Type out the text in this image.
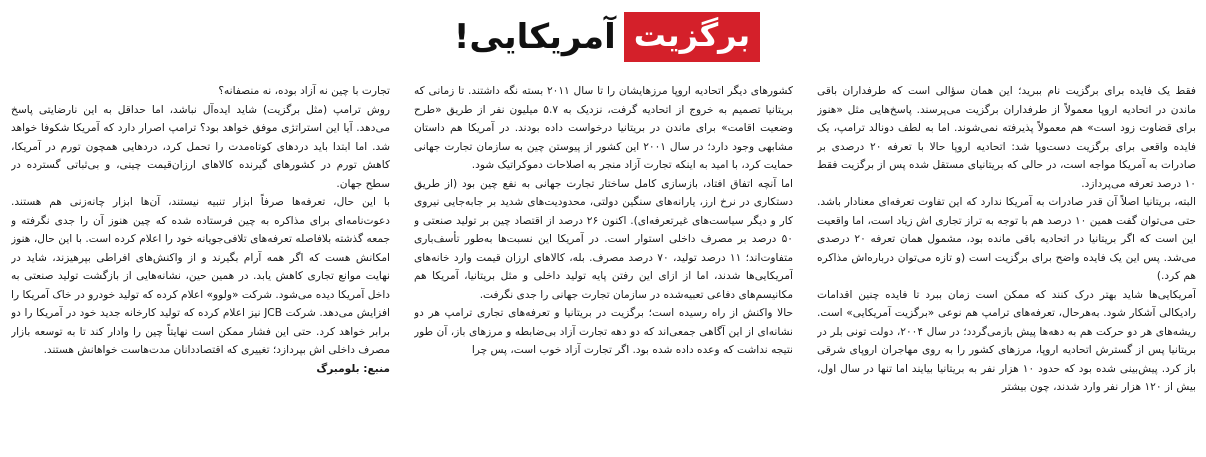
برگزیت
آمریکایی!

فقط یک فایده برای برگزیت نام ببرید؛ این همان سؤالی است که طرفداران باقی ماندن در اتحادیه اروپا معمولاً از طرفداران برگزیت می‌پرسند. پاسخ‌هایی مثل «هنوز برای قضاوت زود است» هم معمولاً پذیرفته نمی‌شوند. اما به لطف دونالد ترامپ، یک فایده واقعی برای برگزیت دست‌وپا شد: اتحادیه اروپا حالا با تعرفه ۲۰ درصدی بر صادرات به آمریکا مواجه است، در حالی که بریتانیای مستقل شده پس از برگزیت فقط ۱۰ درصد تعرفه می‌پردازد.

البته، بریتانیا اصلاً آن قدر صادرات به آمریکا ندارد که این تفاوت تعرفه‌ای معنادار باشد. حتی می‌توان گفت همین ۱۰ درصد هم با توجه به تراز تجاری اش زیاد است، اما واقعیت این است که اگر بریتانیا در اتحادیه باقی مانده بود، مشمول همان تعرفه ۲۰ درصدی می‌شد. پس این یک فایده واضح برای برگزیت است (و تازه می‌توان درباره‌اش مذاکره هم کرد.)

آمریکایی‌ها شاید بهتر درک کنند که ممکن است زمان ببرد تا فایده چنین اقدامات رادیکالی آشکار شود. به‌هرحال، تعرفه‌های ترامپ هم نوعی «برگزیت آمریکایی» است. ریشه‌های هر دو حرکت هم به دهه‌ها پیش بازمی‌گردد؛ در سال ۲۰۰۴، دولت تونی بلر در بریتانیا پس از گسترش اتحادیه اروپا، مرزهای کشور را به روی مهاجران اروپای شرقی باز کرد. پیش‌بینی شده بود که حدود ۱۰ هزار نفر به بریتانیا بیایند اما تنها در سال اول، بیش از ۱۲۰ هزار نفر وارد شدند، چون بیشتر

کشورهای دیگر اتحادیه اروپا مرزهایشان را تا سال ۲۰۱۱ بسته نگه داشتند. تا زمانی که بریتانیا تصمیم به خروج از اتحادیه گرفت، نزدیک به ۵.۷ میلیون نفر از طریق «طرح وضعیت اقامت» برای ماندن در بریتانیا درخواست داده بودند. در آمریکا هم داستان مشابهی وجود دارد؛ در سال ۲۰۰۱ این کشور از پیوستن چین به سازمان تجارت جهانی حمایت کرد، با امید به اینکه تجارت آزاد منجر به اصلاحات دموکراتیک شود.

اما آنچه اتفاق افتاد، بازسازی کامل ساختار تجارت جهانی به نفع چین بود (از طریق دستکاری در نرخ ارز، یارانه‌های سنگین دولتی، محدودیت‌های شدید بر جابه‌جایی نیروی کار و دیگر سیاست‌های غیرتعرفه‌ای). اکنون ۲۶ درصد از اقتصاد چین بر تولید صنعتی و ۵۰ درصد بر مصرف داخلی استوار است. در آمریکا این نسبت‌ها به‌طور تأسف‌باری متفاوت‌اند؛ ۱۱ درصد تولید، ۷۰ درصد مصرف. بله، کالاهای ارزان قیمت وارد خانه‌های آمریکایی‌ها شدند، اما از ازای این رفتن پایه تولید داخلی و مثل بریتانیا، آمریکا هم مکانیسم‌های دفاعی تعبیه‌شده در سازمان تجارت جهانی را جدی نگرفت.

حالا واکنش از راه رسیده است؛ برگزیت در بریتانیا و تعرفه‌های تجاری ترامپ هر دو نشانه‌ای از این آگاهی جمعی‌اند که دو دهه تجارت آزاد بی‌ضابطه و مرزهای باز، آن طور نتیجه نداشت که وعده داده شده بود. اگر تجارت آزاد خوب است، پس چرا

تجارت با چین نه آزاد بوده، نه منصفانه؟

روش ترامپ (مثل برگزیت) شاید ایده‌آل نباشد، اما حداقل به این نارضایتی پاسخ می‌دهد. آیا این استراتژی موفق خواهد بود؟ ترامپ اصرار دارد که آمریکا شکوفا خواهد شد. اما ابتدا باید دردهای کوتاه‌مدت را تحمل کرد، دردهایی همچون تورم در آمریکا، کاهش تورم در کشورهای گیرنده کالاهای ارزان‌قیمت چینی، و بی‌ثباتی گسترده در سطح جهان.

با این حال، تعرفه‌ها صرفاً ابزار تنبیه نیستند، آن‌ها ابزار چانه‌زنی هم هستند. دعوت‌نامه‌ای برای مذاکره به چین فرستاده شده که چین هنوز آن را جدی نگرفته و جمعه گذشته بلافاصله تعرفه‌های تلافی‌جویانه خود را اعلام کرده است. با این حال، هنوز امکانش هست که اگر همه آرام بگیرند و از واکنش‌های افراطی بپرهیزند، شاید در نهایت موانع تجاری کاهش یابد. در همین حین، نشانه‌هایی از بازگشت تولید صنعتی به داخل آمریکا دیده می‌شود. شرکت «ولوو» اعلام کرده که تولید خودرو در خاک آمریکا را افزایش می‌دهد. شرکت JCB نیز اعلام کرده که تولید کارخانه جدید خود در آمریکا را دو برابر خواهد کرد. حتی این فشار ممکن است نهایتاً چین را وادار کند تا به توسعه بازار مصرف داخلی اش بپردازد؛ تغییری که اقتصاددانان مدت‌هاست خواهانش هستند.

منبع: بلومبرگ
